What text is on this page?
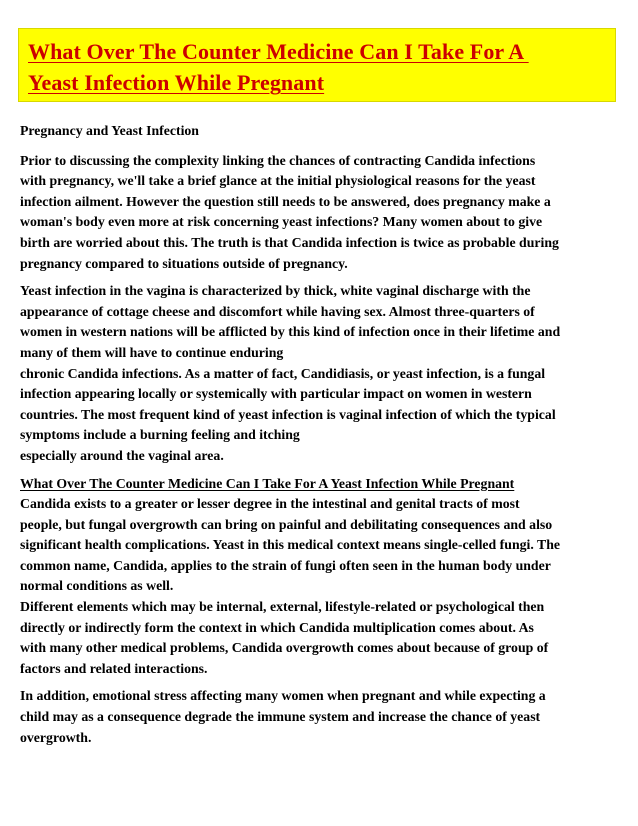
What Over The Counter Medicine Can I Take For A
Yeast Infection While Pregnant

Pregnancy and Yeast Infection

Prior to discussing the complexity linking the chances of contracting Candida infections
with pregnancy, we'll take a brief glance at the initial physiological reasons for the yeast
infection ailment. However the question still needs to be answered, does pregnancy make a
woman's body even more at risk concerning yeast infections? Many women about to give
birth are worried about this. The truth is that Candida infection is twice as probable during
pregnancy compared to situations outside of pregnancy.

Yeast infection in the vagina is characterized by thick, white vaginal discharge with the
appearance of cottage cheese and discomfort while having sex. Almost three-quarters of
women in western nations will be afflicted by this kind of infection once in their lifetime and
many of them will have to continue enduring
chronic Candida infections. As a matter of fact, Candidiasis, or yeast infection, is a fungal
infection appearing locally or systemically with particular impact on women in western
countries. The most frequent kind of yeast infection is vaginal infection of which the typical
symptoms include a burning feeling and itching
especially around the vaginal area.

What Over The Counter Medicine Can I Take For A Yeast Infection While Pregnant
Candida exists to a greater or lesser degree in the intestinal and genital tracts of most
people, but fungal overgrowth can bring on painful and debilitating consequences and also
significant health complications. Yeast in this medical context means single-celled fungi. The
common name, Candida, applies to the strain of fungi often seen in the human body under
normal conditions as well.
Different elements which may be internal, external, lifestyle-related or psychological then
directly or indirectly form the context in which Candida multiplication comes about. As
with many other medical problems, Candida overgrowth comes about because of group of
factors and related interactions.

In addition, emotional stress affecting many women when pregnant and while expecting a
child may as a consequence degrade the immune system and increase the chance of yeast
overgrowth.
